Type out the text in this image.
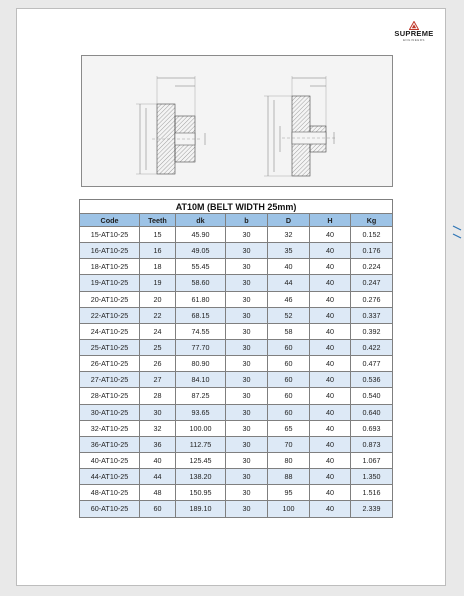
SUPREME
ENGINEERS
AT10M (BELT WIDTH 25mm)						
Code	Teeth	dk	b	D	H	Kg
15-AT10-25	15	45.90	30	32	40	0.152
16-AT10-25	16	49.05	30	35	40	0.176
18-AT10-25	18	55.45	30	40	40	0.224
19-AT10-25	19	58.60	30	44	40	0.247
20-AT10-25	20	61.80	30	46	40	0.276
22-AT10-25	22	68.15	30	52	40	0.337
24-AT10-25	24	74.55	30	58	40	0.392
25-AT10-25	25	77.70	30	60	40	0.422
26-AT10-25	26	80.90	30	60	40	0.477
27-AT10-25	27	84.10	30	60	40	0.536
28-AT10-25	28	87.25	30	60	40	0.540
30-AT10-25	30	93.65	30	60	40	0.640
32-AT10-25	32	100.00	30	65	40	0.693
36-AT10-25	36	112.75	30	70	40	0.873
40-AT10-25	40	125.45	30	80	40	1.067
44-AT10-25	44	138.20	30	88	40	1.350
48-AT10-25	48	150.95	30	95	40	1.516
60-AT10-25	60	189.10	30	100	40	2.339
